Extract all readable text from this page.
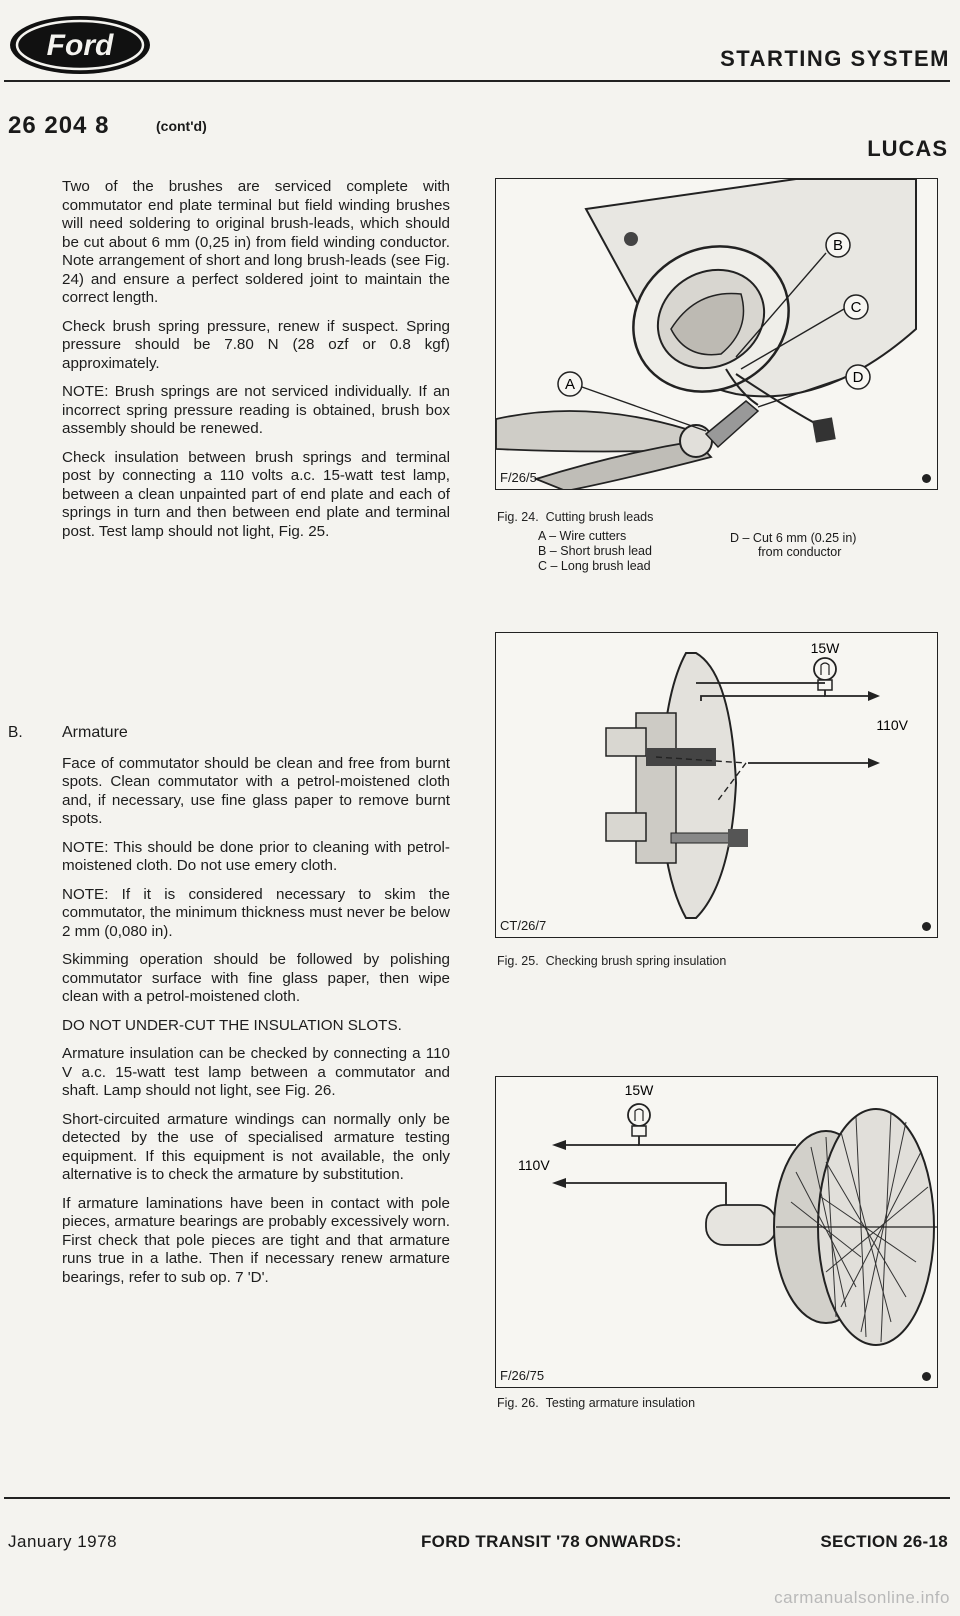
Ford	STARTING SYSTEM
26 204 8	(cont'd)
LUCAS

Two of the brushes are serviced complete with commutator end plate terminal but field winding brushes will need soldering to original brush-leads, which should be cut about 6 mm (0,25 in) from field winding conductor. Note arrangement of short and long brush-leads (see Fig. 24) and ensure a perfect soldered joint to maintain the correct length.

Check brush spring pressure, renew if suspect. Spring pressure should be 7.80 N (28 ozf or 0.8 kgf) approximately.

NOTE: Brush springs are not serviced individually. If an incorrect spring pressure reading is obtained, brush box assembly should be renewed.

Check insulation between brush springs and terminal post by connecting a 110 volts a.c. 15-watt test lamp, between a clean unpainted part of end plate and each of springs in turn and then between end plate and terminal post. Test lamp should not light, Fig. 25.

B. Armature

Face of commutator should be clean and free from burnt spots. Clean commutator with a petrol-moistened cloth and, if necessary, use fine glass paper to remove burnt spots.

NOTE: This should be done prior to cleaning with petrol-moistened cloth. Do not use emery cloth.

NOTE: If it is considered necessary to skim the commutator, the minimum thickness must never be below 2 mm (0,080 in).

Skimming operation should be followed by polishing commutator surface with fine glass paper, then wipe clean with a petrol-moistened cloth.

DO NOT UNDER-CUT THE INSULATION SLOTS.

Armature insulation can be checked by connecting a 110 V a.c. 15-watt test lamp between a commutator and shaft. Lamp should not light, see Fig. 26.

Short-circuited armature windings can normally only be detected by the use of specialised armature testing equipment. If this equipment is not available, the only alternative is to check the armature by substitution.

If armature laminations have been in contact with pole pieces, armature bearings are probably excessively worn. First check that pole pieces are tight and that armature runs true in a lathe. Then if necessary renew armature bearings, refer to sub op. 7 'D'.

A
B
C
D
F/26/5
Fig. 24. Cutting brush leads
A – Wire cutters
B – Short brush lead
C – Long brush lead
D – Cut 6 mm (0.25 in)
from conductor
15W
110V
CT/26/7
Fig. 25. Checking brush spring insulation
15W
110V
F/26/75
Fig. 26. Testing armature insulation
January 1978	FORD TRANSIT '78 ONWARDS:	SECTION 26-18
carmanualsonline.info
